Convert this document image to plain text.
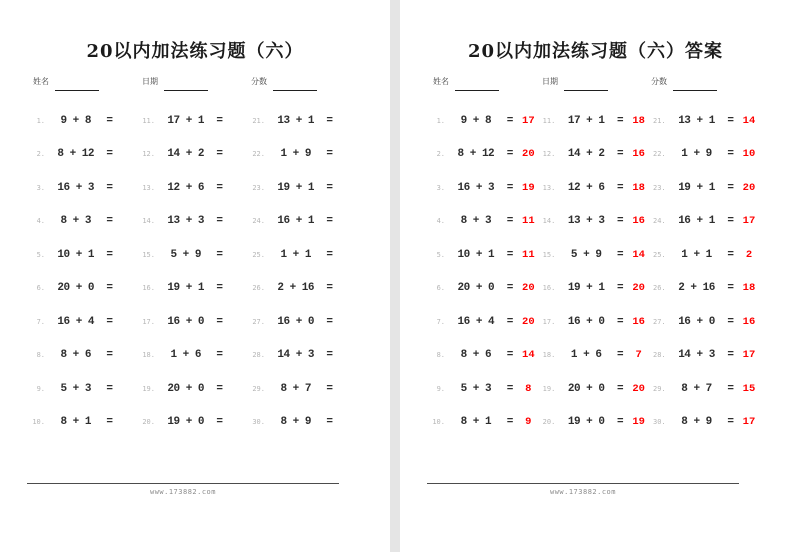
20以内加法练习题（六）
姓名	日期	分数
1.	9 + 8	=
2.	8 + 12	=
3.	16 + 3	=
4.	8 + 3	=
5.	10 + 1	=
6.	20 + 0	=
7.	16 + 4	=
8.	8 + 6	=
9.	5 + 3	=
10.	8 + 1	=
11.	17 + 1	=
12.	14 + 2	=
13.	12 + 6	=
14.	13 + 3	=
15.	5 + 9	=
16.	19 + 1	=
17.	16 + 0	=
18.	1 + 6	=
19.	20 + 0	=
20.	19 + 0	=
21.	13 + 1	=
22.	1 + 9	=
23.	19 + 1	=
24.	16 + 1	=
25.	1 + 1	=
26.	2 + 16	=
27.	16 + 0	=
28.	14 + 3	=
29.	8 + 7	=
30.	8 + 9	=
www.173882.com
20以内加法练习题（六）答案
姓名	日期	分数
1.	9 + 8	= 17
2.	8 + 12	= 20
3.	16 + 3	= 19
4.	8 + 3	= 11
5.	10 + 1	= 11
6.	20 + 0	= 20
7.	16 + 4	= 20
8.	8 + 6	= 14
9.	5 + 3	=	8
10.	8 + 1	=	9
11.	17 + 1	= 18
12.	14 + 2	= 16
13.	12 + 6	= 18
14.	13 + 3	= 16
15.	5 + 9	= 14
16.	19 + 1	= 20
17.	16 + 0	= 16
18.	1 + 6	=	7
19.	20 + 0	= 20
20.	19 + 0	= 19
21.	13 + 1	= 14
22.	1 + 9	= 10
23.	19 + 1	= 20
24.	16 + 1	= 17
25.	1 + 1	=	2
26.	2 + 16	= 18
27.	16 + 0	= 16
28.	14 + 3	= 17
29.	8 + 7	= 15
30.	8 + 9	= 17
www.173882.com
